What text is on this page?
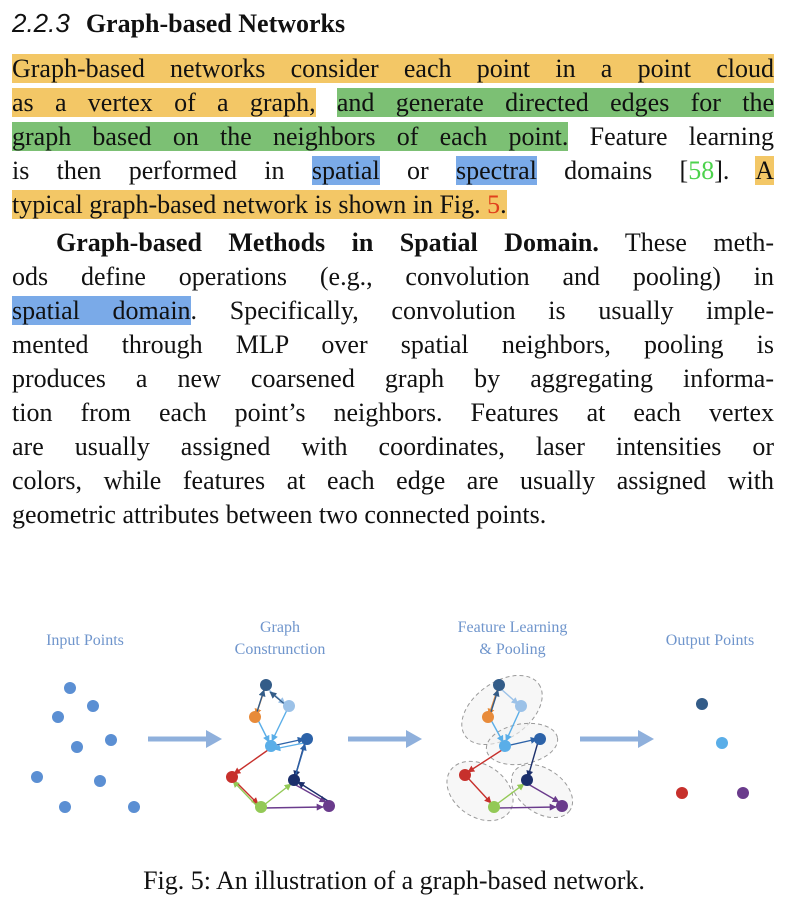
2.2.3 Graph-based Networks
Graph-based networks consider each point in a point cloud
as a vertex of a graph, and generate directed edges for the
graph based on the neighbors of each point. Feature learning
is then performed in spatial or spectral domains [58]. A
typical graph-based network is shown in Fig. 5.
Graph-based Methods in Spatial Domain. These meth-
ods define operations (e.g., convolution and pooling) in
spatial domain. Specifically, convolution is usually imple-
mented through MLP over spatial neighbors, pooling is
produces a new coarsened graph by aggregating informa-
tion from each point’s neighbors. Features at each vertex
are usually assigned with coordinates, laser intensities or
colors, while features at each edge are usually assigned with
geometric attributes between two connected points.
Input Points
Graph
Construnction
Feature Learning
& Pooling
Output Points
Fig. 5: An illustration of a graph-based network.
